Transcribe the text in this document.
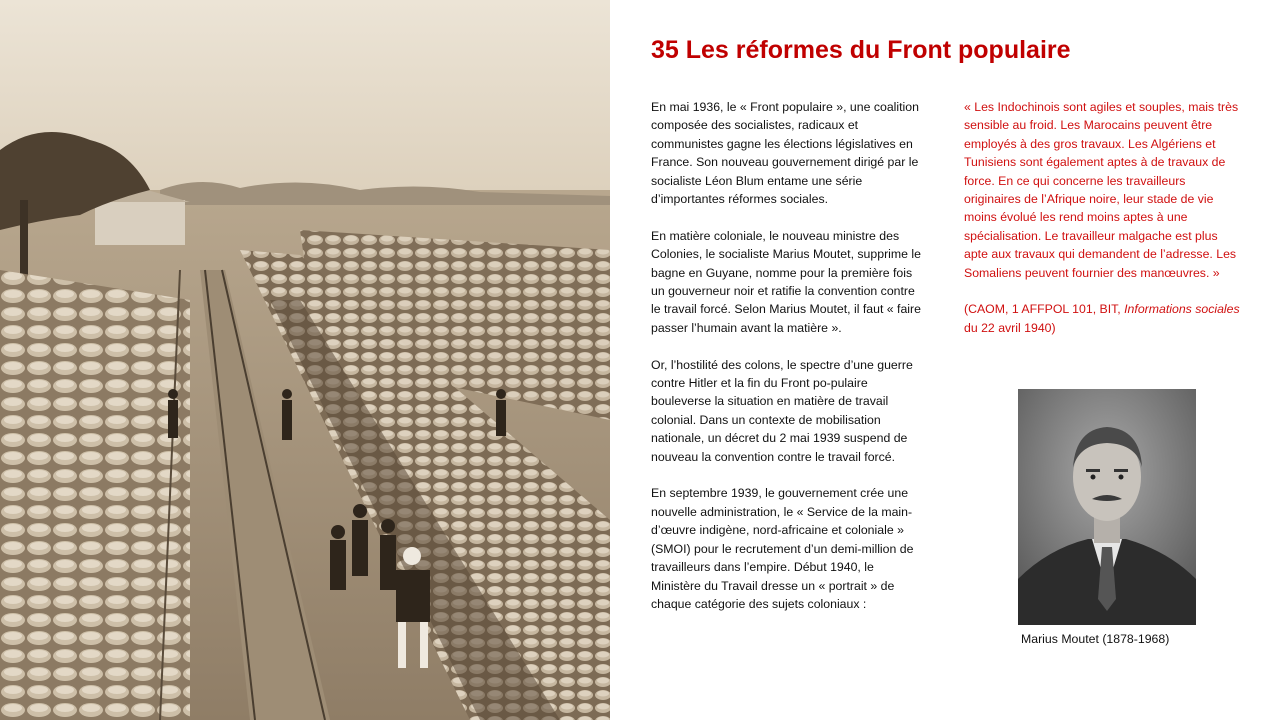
35 Les réformes du Front populaire

En mai 1936, le « Front populaire », une coalition composée des socialistes, radicaux et communistes gagne les élections législatives en France. Son nouveau gouvernement dirigé par le socialiste Léon Blum entame une série d’importantes réformes sociales.

En matière coloniale, le nouveau ministre des Colonies, le socialiste Marius Moutet, supprime le bagne en Guyane, nomme pour la première fois un gouverneur noir et ratifie la convention contre le travail forcé. Selon Marius Moutet, il faut « faire passer l’humain avant la matière ».

Or, l’hostilité des colons, le spectre d’une guerre contre Hitler et la fin du Front po-pulaire bouleverse la situation en matière de travail colonial. Dans un contexte de mobilisation nationale, un décret du 2 mai 1939 suspend de nouveau la convention contre le travail forcé.

En septembre 1939, le gouvernement crée une nouvelle administration, le « Service de la main-d’œuvre indigène, nord-africaine et coloniale » (SMOI) pour le recrutement d’un demi-million de travailleurs dans l’empire. Début 1940, le Ministère du Travail dresse un « portrait » de chaque catégorie des sujets coloniaux :

« Les Indochinois sont agiles et souples, mais très sensible au froid. Les Marocains peuvent être employés à des gros travaux. Les Algériens et Tunisiens sont également aptes à de travaux de force. En ce qui concerne les travailleurs originaires de l’Afrique noire, leur stade de vie moins évolué les rend moins aptes à une spécialisation. Le travailleur malgache est plus apte aux travaux qui demandent de l’adresse. Les Somaliens peuvent fournier des manœuvres. »

(CAOM, 1 AFFPOL 101, BIT, Informations sociales du 22 avril 1940)

Marius Moutet (1878-1968)
